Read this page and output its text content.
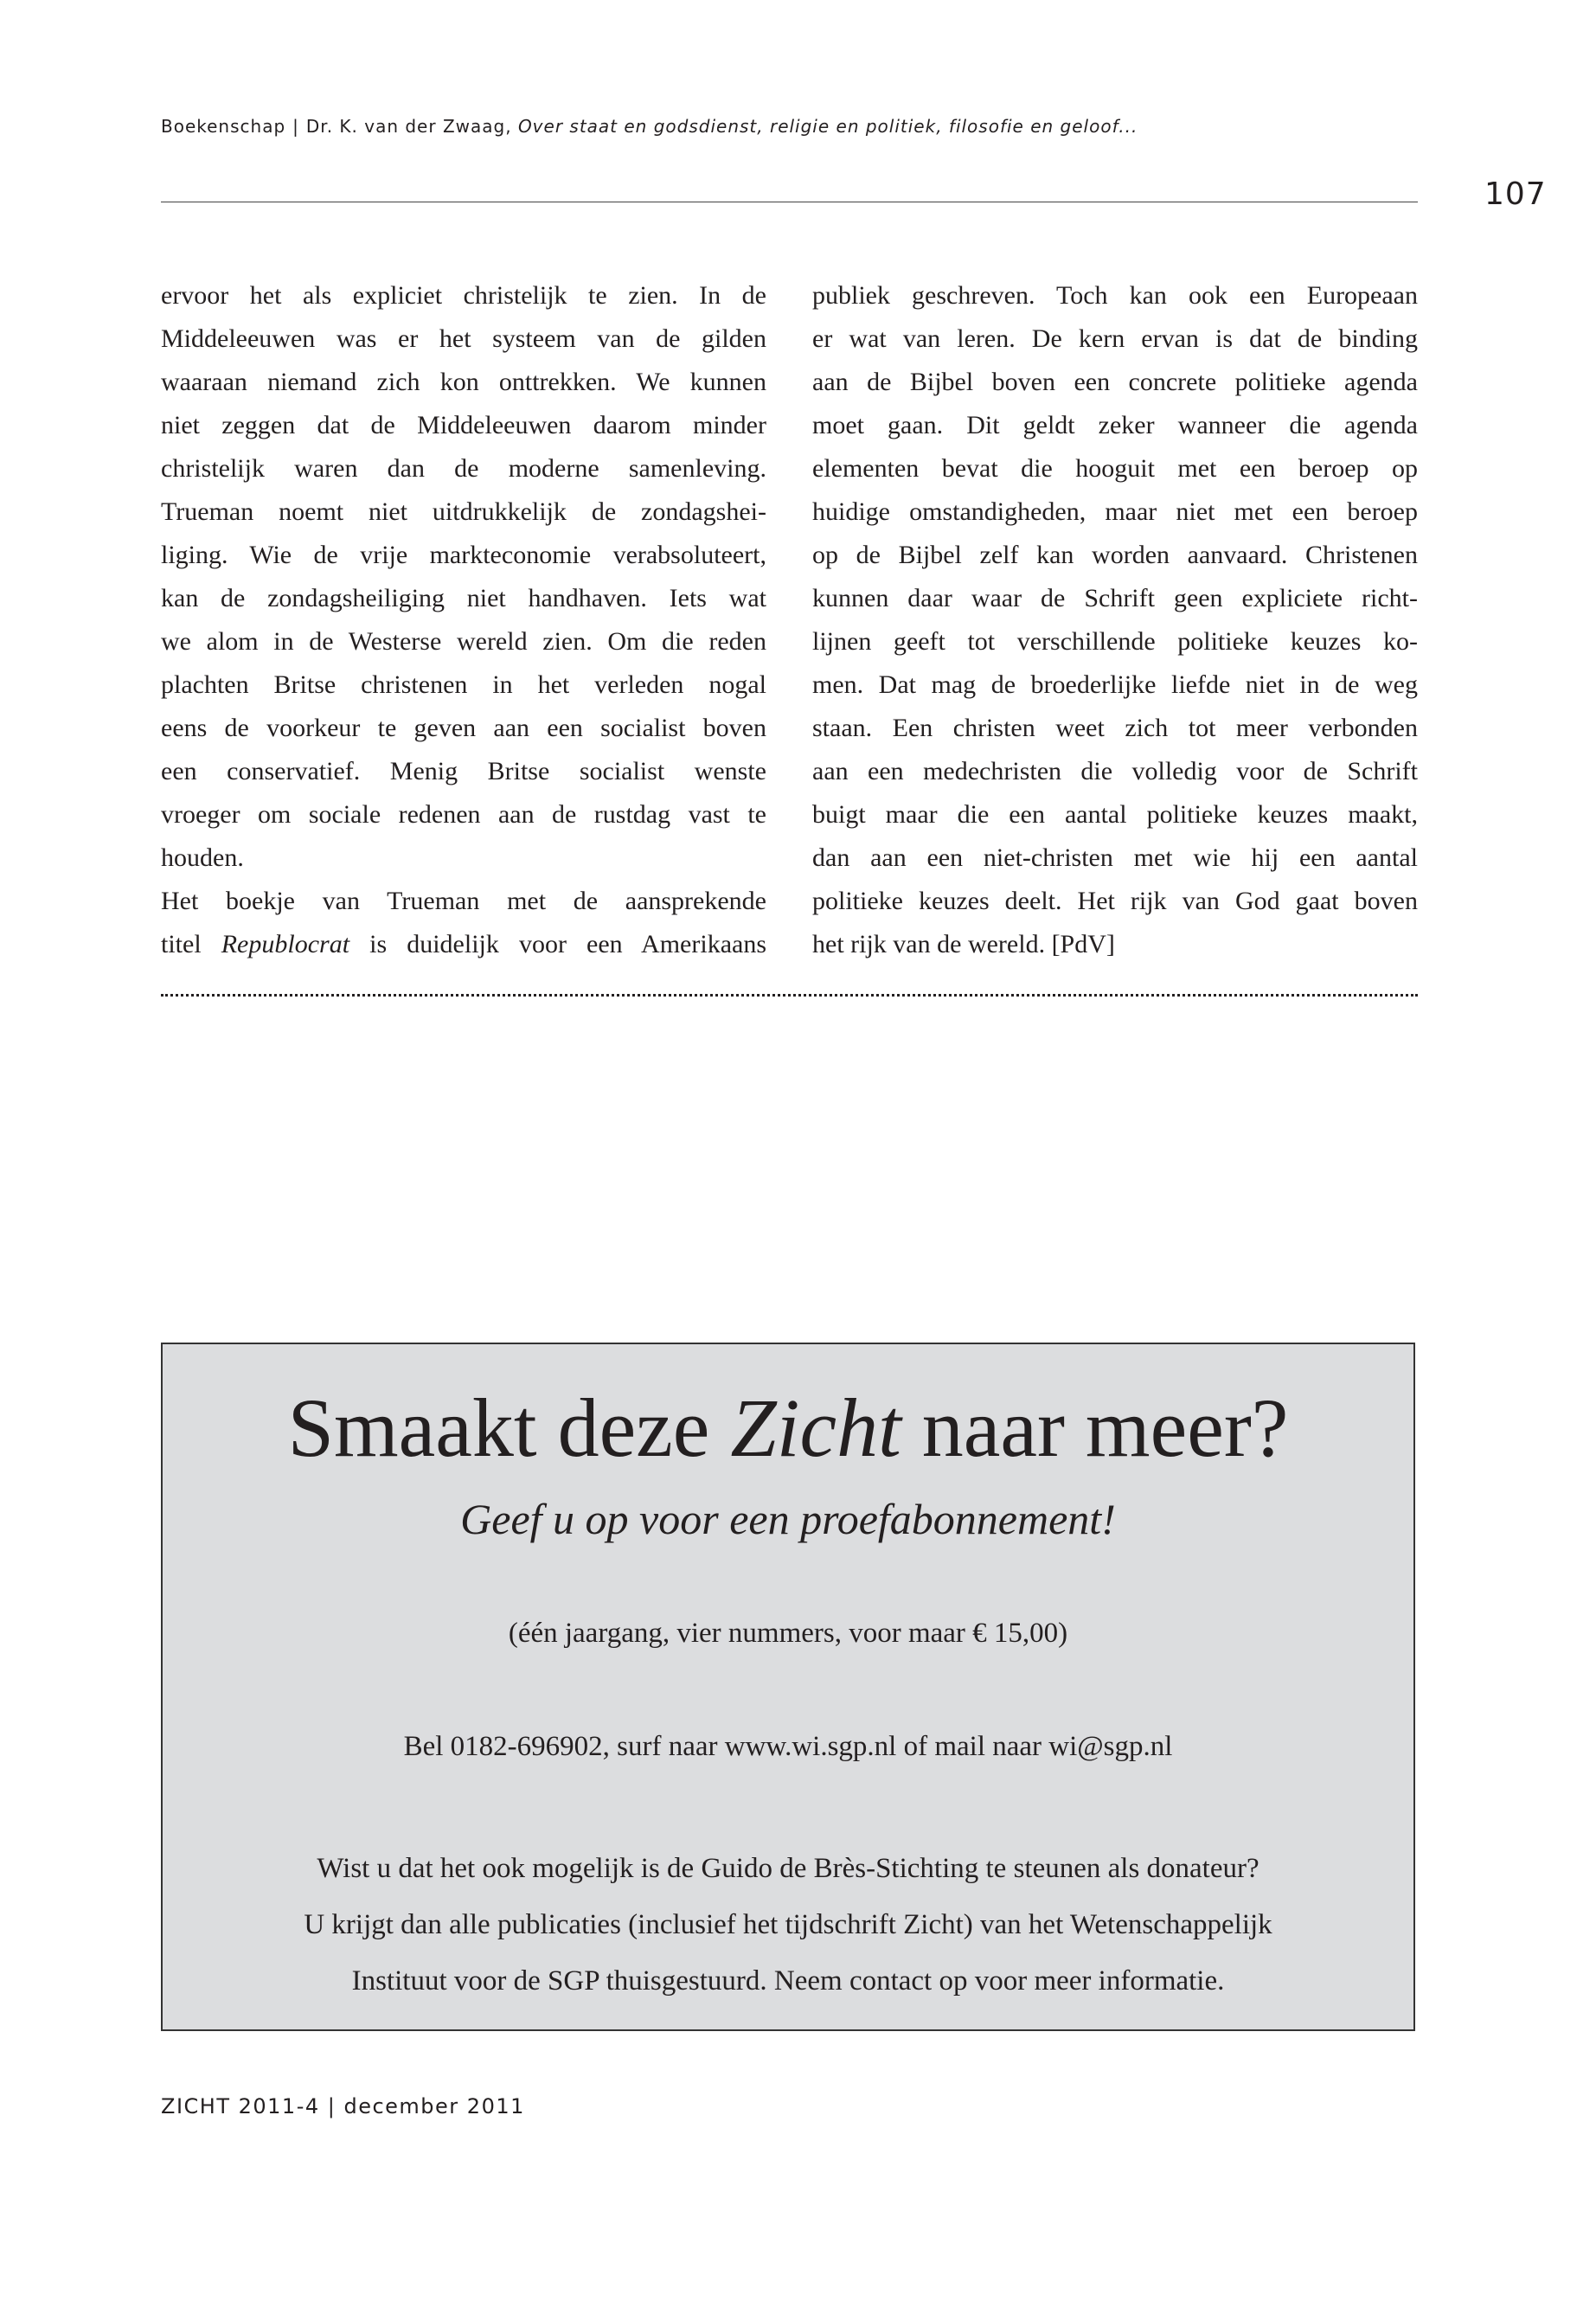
Boekenschap | Dr. K. van der Zwaag, Over staat en godsdienst, religie en politiek, filosofie en geloof...
107
ervoor het als expliciet christelijk te zien. In de
Middeleeuwen was er het systeem van de gilden
waaraan niemand zich kon onttrekken. We kunnen
niet zeggen dat de Middeleeuwen daarom minder
christelijk waren dan de moderne samenleving.
Trueman noemt niet uitdrukkelijk de zondagshei-
liging. Wie de vrije markteconomie verabsoluteert,
kan de zondagsheiliging niet handhaven. Iets wat
we alom in de Westerse wereld zien. Om die reden
plachten Britse christenen in het verleden nogal
eens de voorkeur te geven aan een socialist boven
een conservatief. Menig Britse socialist wenste
vroeger om sociale redenen aan de rustdag vast te
houden.
Het boekje van Trueman met de aansprekende
titel Republocrat is duidelijk voor een Amerikaans
publiek geschreven. Toch kan ook een Europeaan
er wat van leren. De kern ervan is dat de binding
aan de Bijbel boven een concrete politieke agenda
moet gaan. Dit geldt zeker wanneer die agenda
elementen bevat die hooguit met een beroep op
huidige omstandigheden, maar niet met een beroep
op de Bijbel zelf kan worden aanvaard. Christenen
kunnen daar waar de Schrift geen expliciete richt-
lijnen geeft tot verschillende politieke keuzes ko-
men. Dat mag de broederlijke liefde niet in de weg
staan. Een christen weet zich tot meer verbonden
aan een medechristen die volledig voor de Schrift
buigt maar die een aantal politieke keuzes maakt,
dan aan een niet-christen met wie hij een aantal
politieke keuzes deelt. Het rijk van God gaat boven
het rijk van de wereld. [PdV]
Smaakt deze Zicht naar meer?
Geef u op voor een proefabonnement!
(één jaargang, vier nummers, voor maar € 15,00)
Bel 0182-696902, surf naar www.wi.sgp.nl of mail naar wi@sgp.nl
Wist u dat het ook mogelijk is de Guido de Brès-Stichting te steunen als donateur?
U krijgt dan alle publicaties (inclusief het tijdschrift Zicht) van het Wetenschappelijk
Instituut voor de SGP thuisgestuurd. Neem contact op voor meer informatie.
ZICHT 2011-4 | december 2011
